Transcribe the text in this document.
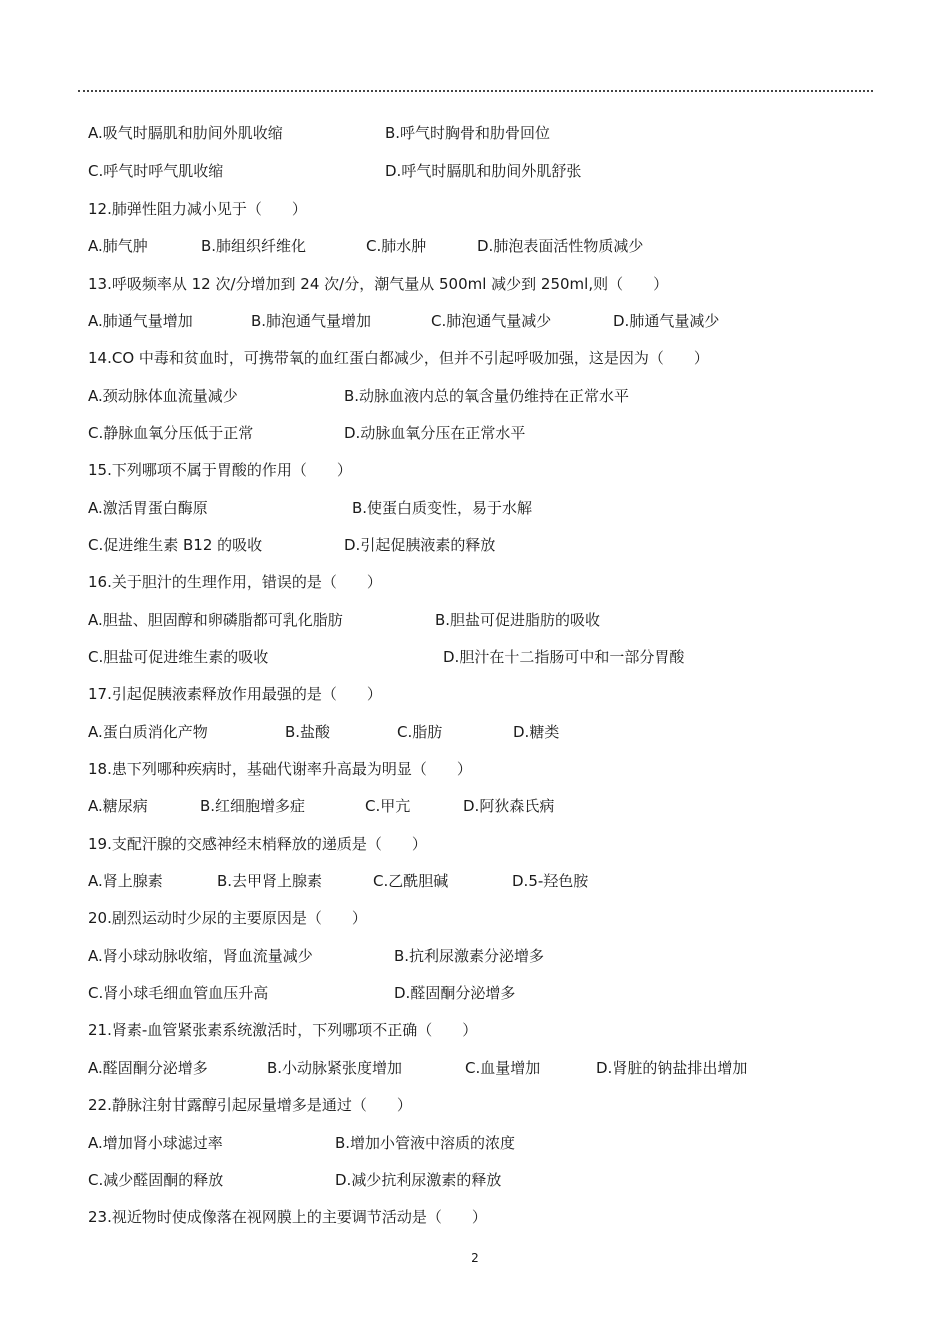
A.吸气时膈肌和肋间外肌收缩	B.呼气时胸骨和肋骨回位
C.呼气时呼气肌收缩	D.呼气时膈肌和肋间外肌舒张
12.肺弹性阻力减小见于（　　）
A.肺气肿	B.肺组织纤维化	C.肺水肿	D.肺泡表面活性物质减少
13.呼吸频率从 12 次/分增加到 24 次/分，潮气量从 500ml 减少到 250ml,则（　　）
A.肺通气量增加	B.肺泡通气量增加	C.肺泡通气量减少	D.肺通气量减少
14.CO 中毒和贫血时，可携带氧的血红蛋白都减少，但并不引起呼吸加强，这是因为（　　）
A.颈动脉体血流量减少	B.动脉血液内总的氧含量仍维持在正常水平
C.静脉血氧分压低于正常	D.动脉血氧分压在正常水平
15.下列哪项不属于胃酸的作用（　　）
A.激活胃蛋白酶原	B.使蛋白质变性，易于水解
C.促进维生素 B12 的吸收	D.引起促胰液素的释放
16.关于胆汁的生理作用，错误的是（　　）
A.胆盐、胆固醇和卵磷脂都可乳化脂肪	B.胆盐可促进脂肪的吸收
C.胆盐可促进维生素的吸收	D.胆汁在十二指肠可中和一部分胃酸
17.引起促胰液素释放作用最强的是（　　）
A.蛋白质消化产物	B.盐酸	C.脂肪	D.糖类
18.患下列哪种疾病时，基础代谢率升高最为明显（　　）
A.糖尿病	B.红细胞增多症	C.甲亢	D.阿狄森氏病
19.支配汗腺的交感神经末梢释放的递质是（　　）
A.肾上腺素	B.去甲肾上腺素	C.乙酰胆碱	D.5-羟色胺
20.剧烈运动时少尿的主要原因是（　　）
A.肾小球动脉收缩，肾血流量减少	B.抗利尿激素分泌增多
C.肾小球毛细血管血压升高	D.醛固酮分泌增多
21.肾素-血管紧张素系统激活时，下列哪项不正确（　　）
A.醛固酮分泌增多	B.小动脉紧张度增加	C.血量增加	D.肾脏的钠盐排出增加
22.静脉注射甘露醇引起尿量增多是通过（　　）
A.增加肾小球滤过率	B.增加小管液中溶质的浓度
C.减少醛固酮的释放	D.减少抗利尿激素的释放
23.视近物时使成像落在视网膜上的主要调节活动是（　　）
2
